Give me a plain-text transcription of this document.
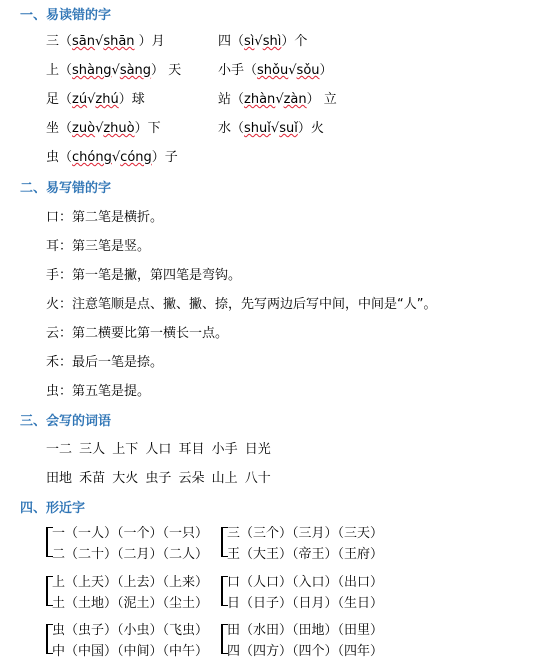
一、易读错的字
三（sān√shān ）月	四（sì√shì）个
上（shàng√sàng） 天	小手（shǒu√sǒu）
足（zú√zhú）球	站（zhàn√zàn） 立
坐（zuò√zhuò）下	水（shuǐ√suǐ）火
虫（chóng√cóng）子
二、易写错的字
口：第二笔是横折。
耳：第三笔是竖。
手：第一笔是撇，第四笔是弯钩。
火：注意笔顺是点、撇、撇、捺，先写两边后写中间，中间是“人”。
云：第二横要比第一横长一点。
禾：最后一笔是捺。
虫：第五笔是提。
三、会写的词语
一二 三人 上下 人口 耳目 小手 日光
田地 禾苗 大火 虫子 云朵 山上 八十
四、形近字
一（一人）（一个）（一只）
二（二十）（二月）（二人）
三（三个）（三月）（三天）
王（大王）（帝王）（王府）
上（上天）（上去）（上来）
土（土地）（泥土）（尘土）
口（人口）（入口）（出口）
日（日子）（日月）（生日）
虫（虫子）（小虫）（飞虫）
中（中国）（中间）（中午）
田（水田）（田地）（田里）
四（四方）（四个）（四年）
